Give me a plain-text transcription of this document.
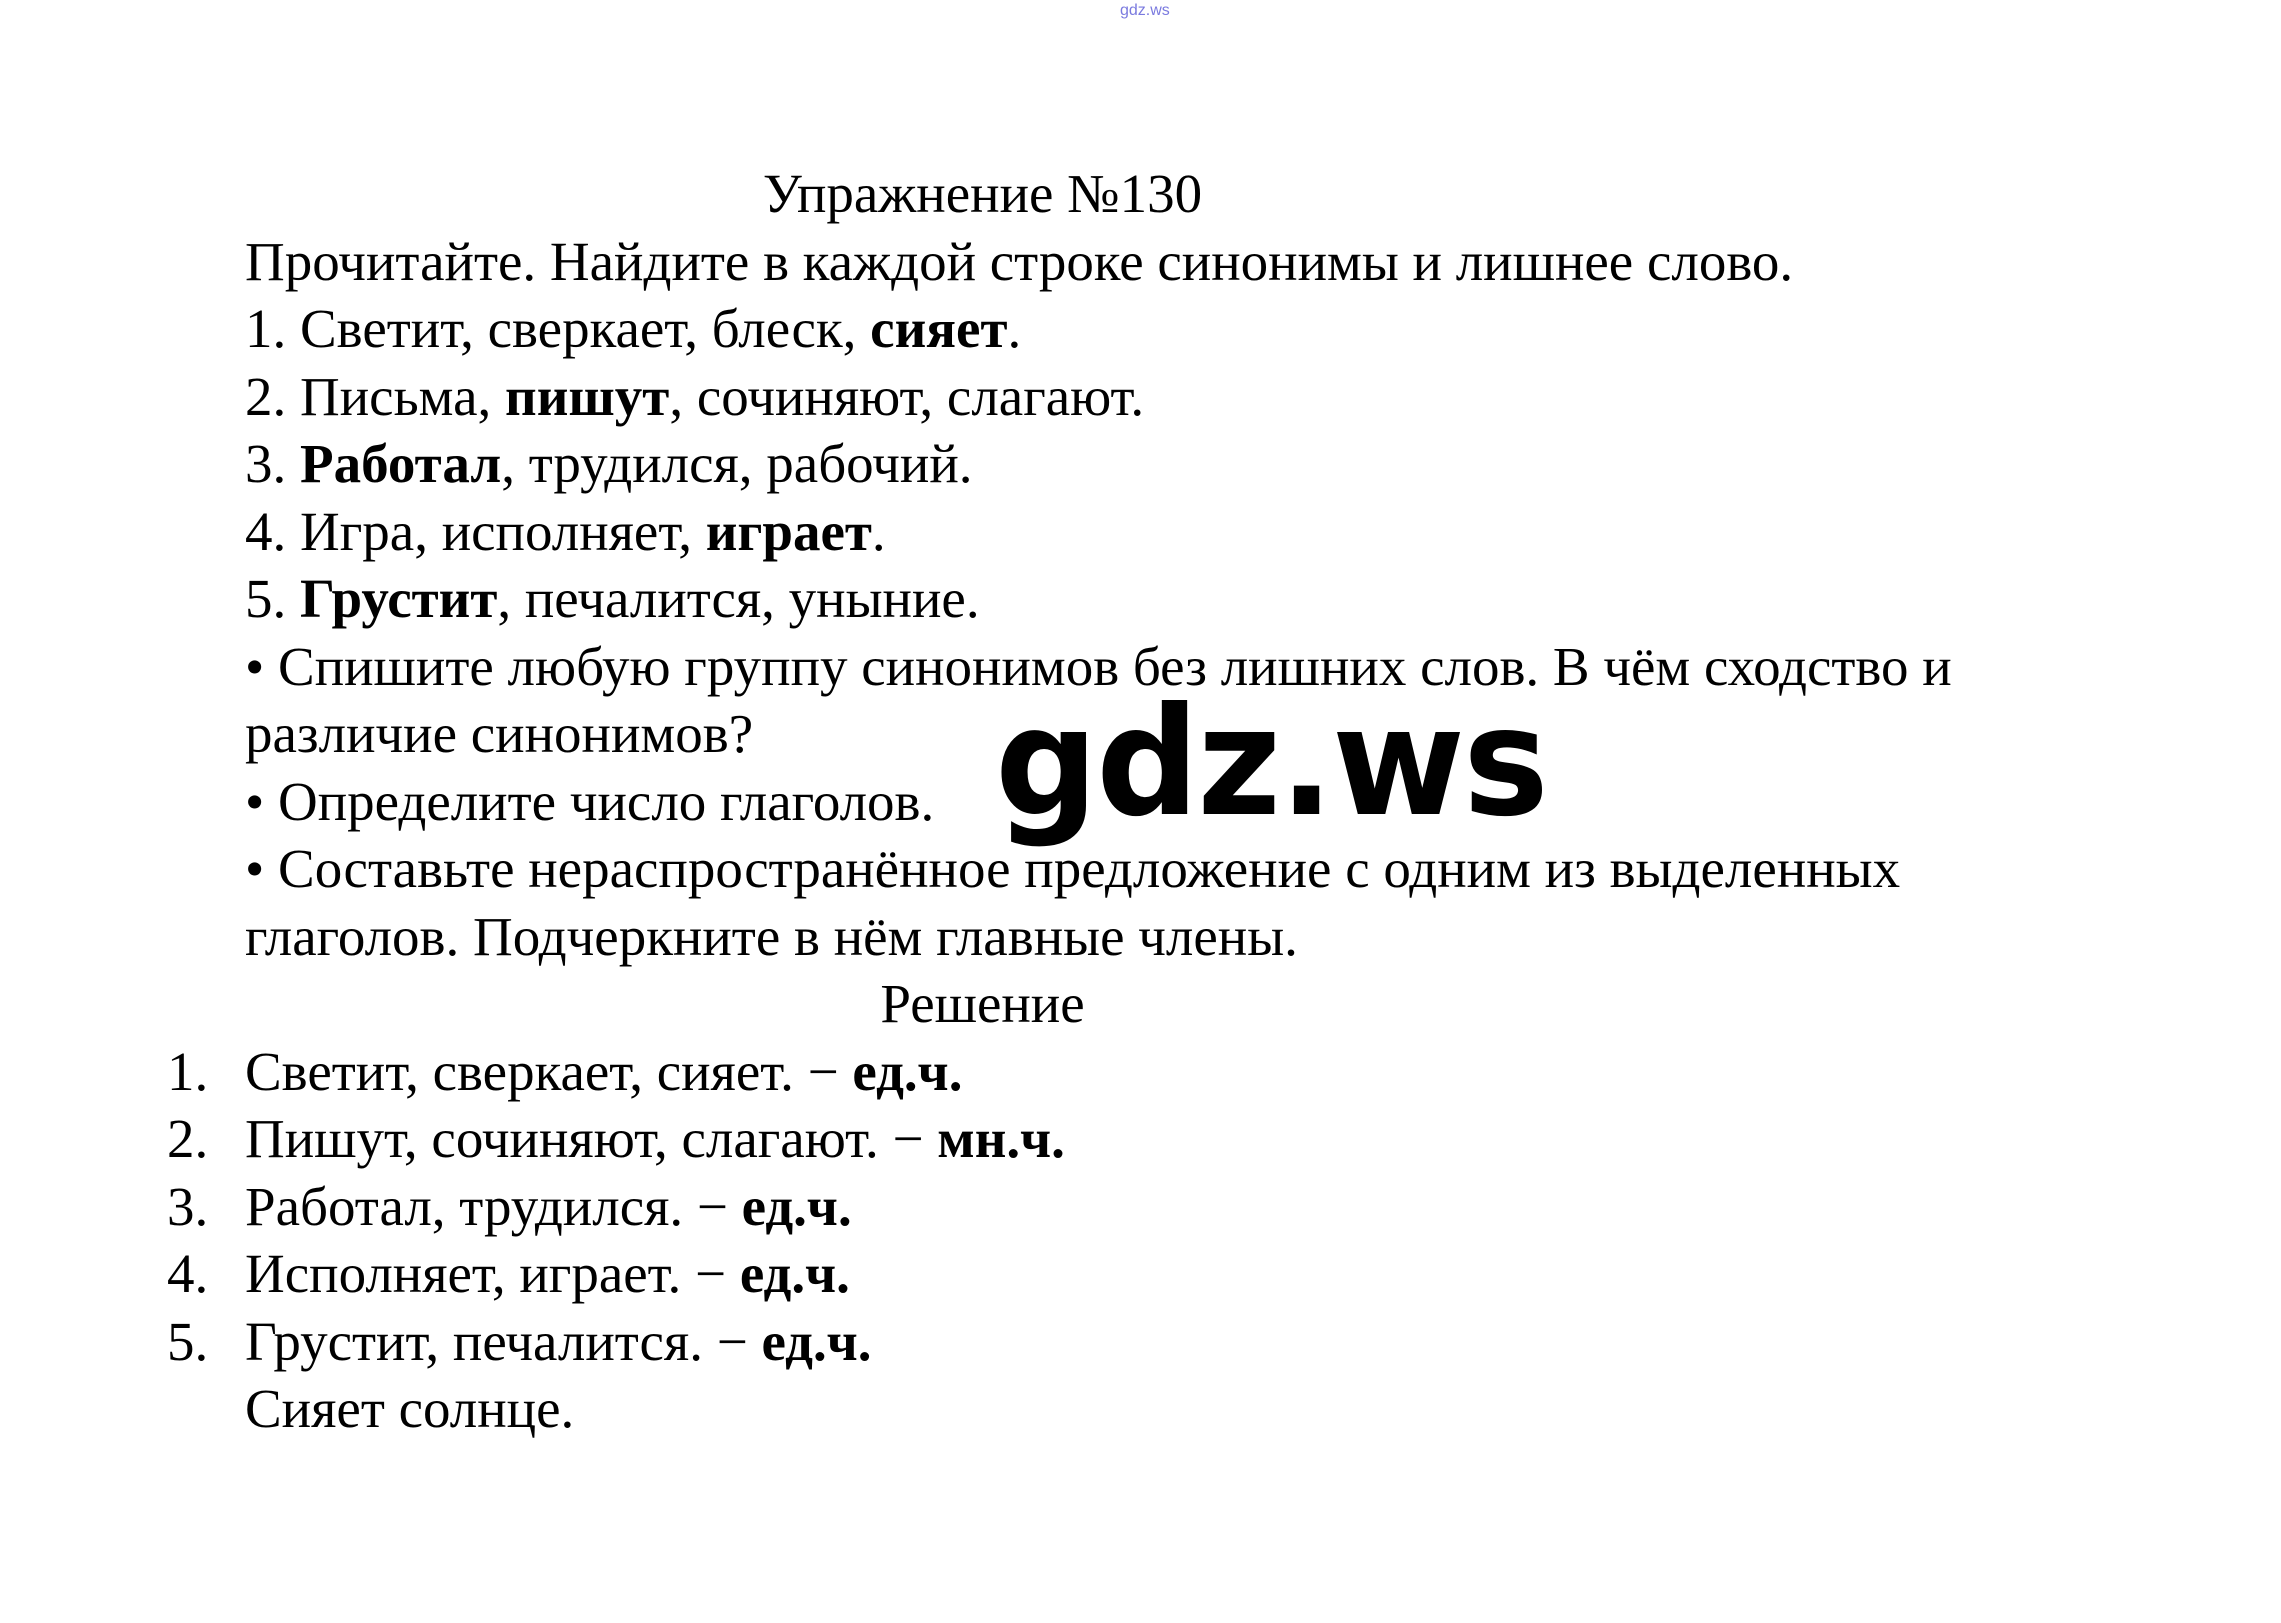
gdz.ws
Упражнение №130
Прочитайте. Найдите в каждой строке синонимы и лишнее слово.
1. Светит, сверкает, блеск, сияет.
2. Письма, пишут, сочиняют, слагают.
3. Работал, трудился, рабочий.
4. Игра, исполняет, играет.
5. Грустит, печалится, уныние.
• Спишите любую группу синонимов без лишних слов. В чём сходство и различие синонимов?
• Определите число глаголов.
• Составьте нераспространённое предложение с одним из выделенных глаголов. Подчеркните в нём главные члены.
Решение
1. Светит, сверкает, сияет. − ед.ч.
2. Пишут, сочиняют, слагают. − мн.ч.
3. Работал, трудился. − ед.ч.
4. Исполняет, играет. − ед.ч.
5. Грустит, печалится. − ед.ч.
Сияет солнце.
gdz.ws
